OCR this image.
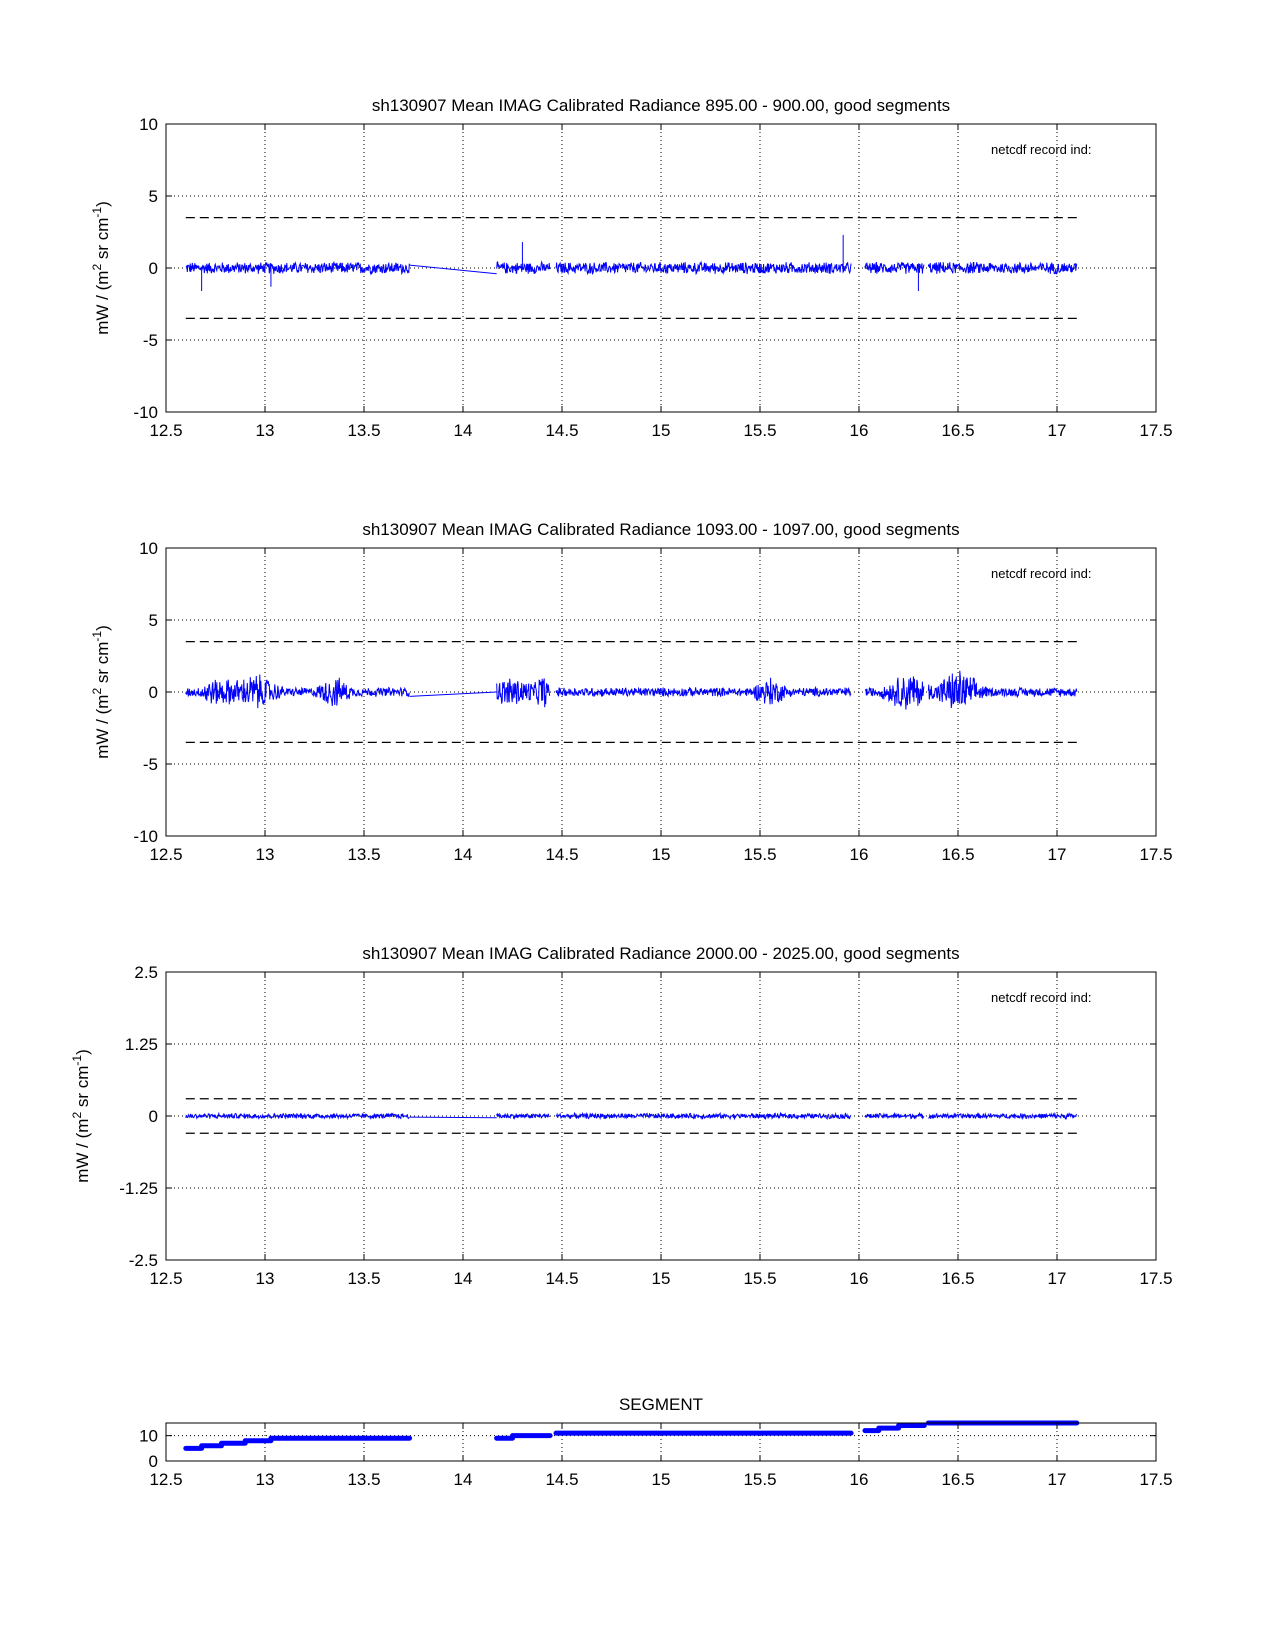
sh130907 Mean IMAG Calibrated Radiance 895.00 - 900.00, good segments
12.5	13	13.5	14	14.5	15	15.5	16	16.5	17	17.5
-10
-5
0
5
10
netcdf record ind:
mW / ($m^2$ sr $cm^{-1}$)
sh130907 Mean IMAG Calibrated Radiance 1093.00 - 1097.00, good segments
12.5	13	13.5	14	14.5	15	15.5	16	16.5	17	17.5
-10
-5
0
5
10
netcdf record ind:
mW / ($m^2$ sr $cm^{-1}$)
sh130907 Mean IMAG Calibrated Radiance 2000.00 - 2025.00, good segments
12.5	13	13.5	14	14.5	15	15.5	16	16.5	17	17.5
-2.5
-1.25
0
1.25
2.5
netcdf record ind:
mW / ($m^2$ sr $cm^{-1}$)
SEGMENT
12.5	13	13.5	14	14.5	15	15.5	16	16.5	17	17.5
0
10
